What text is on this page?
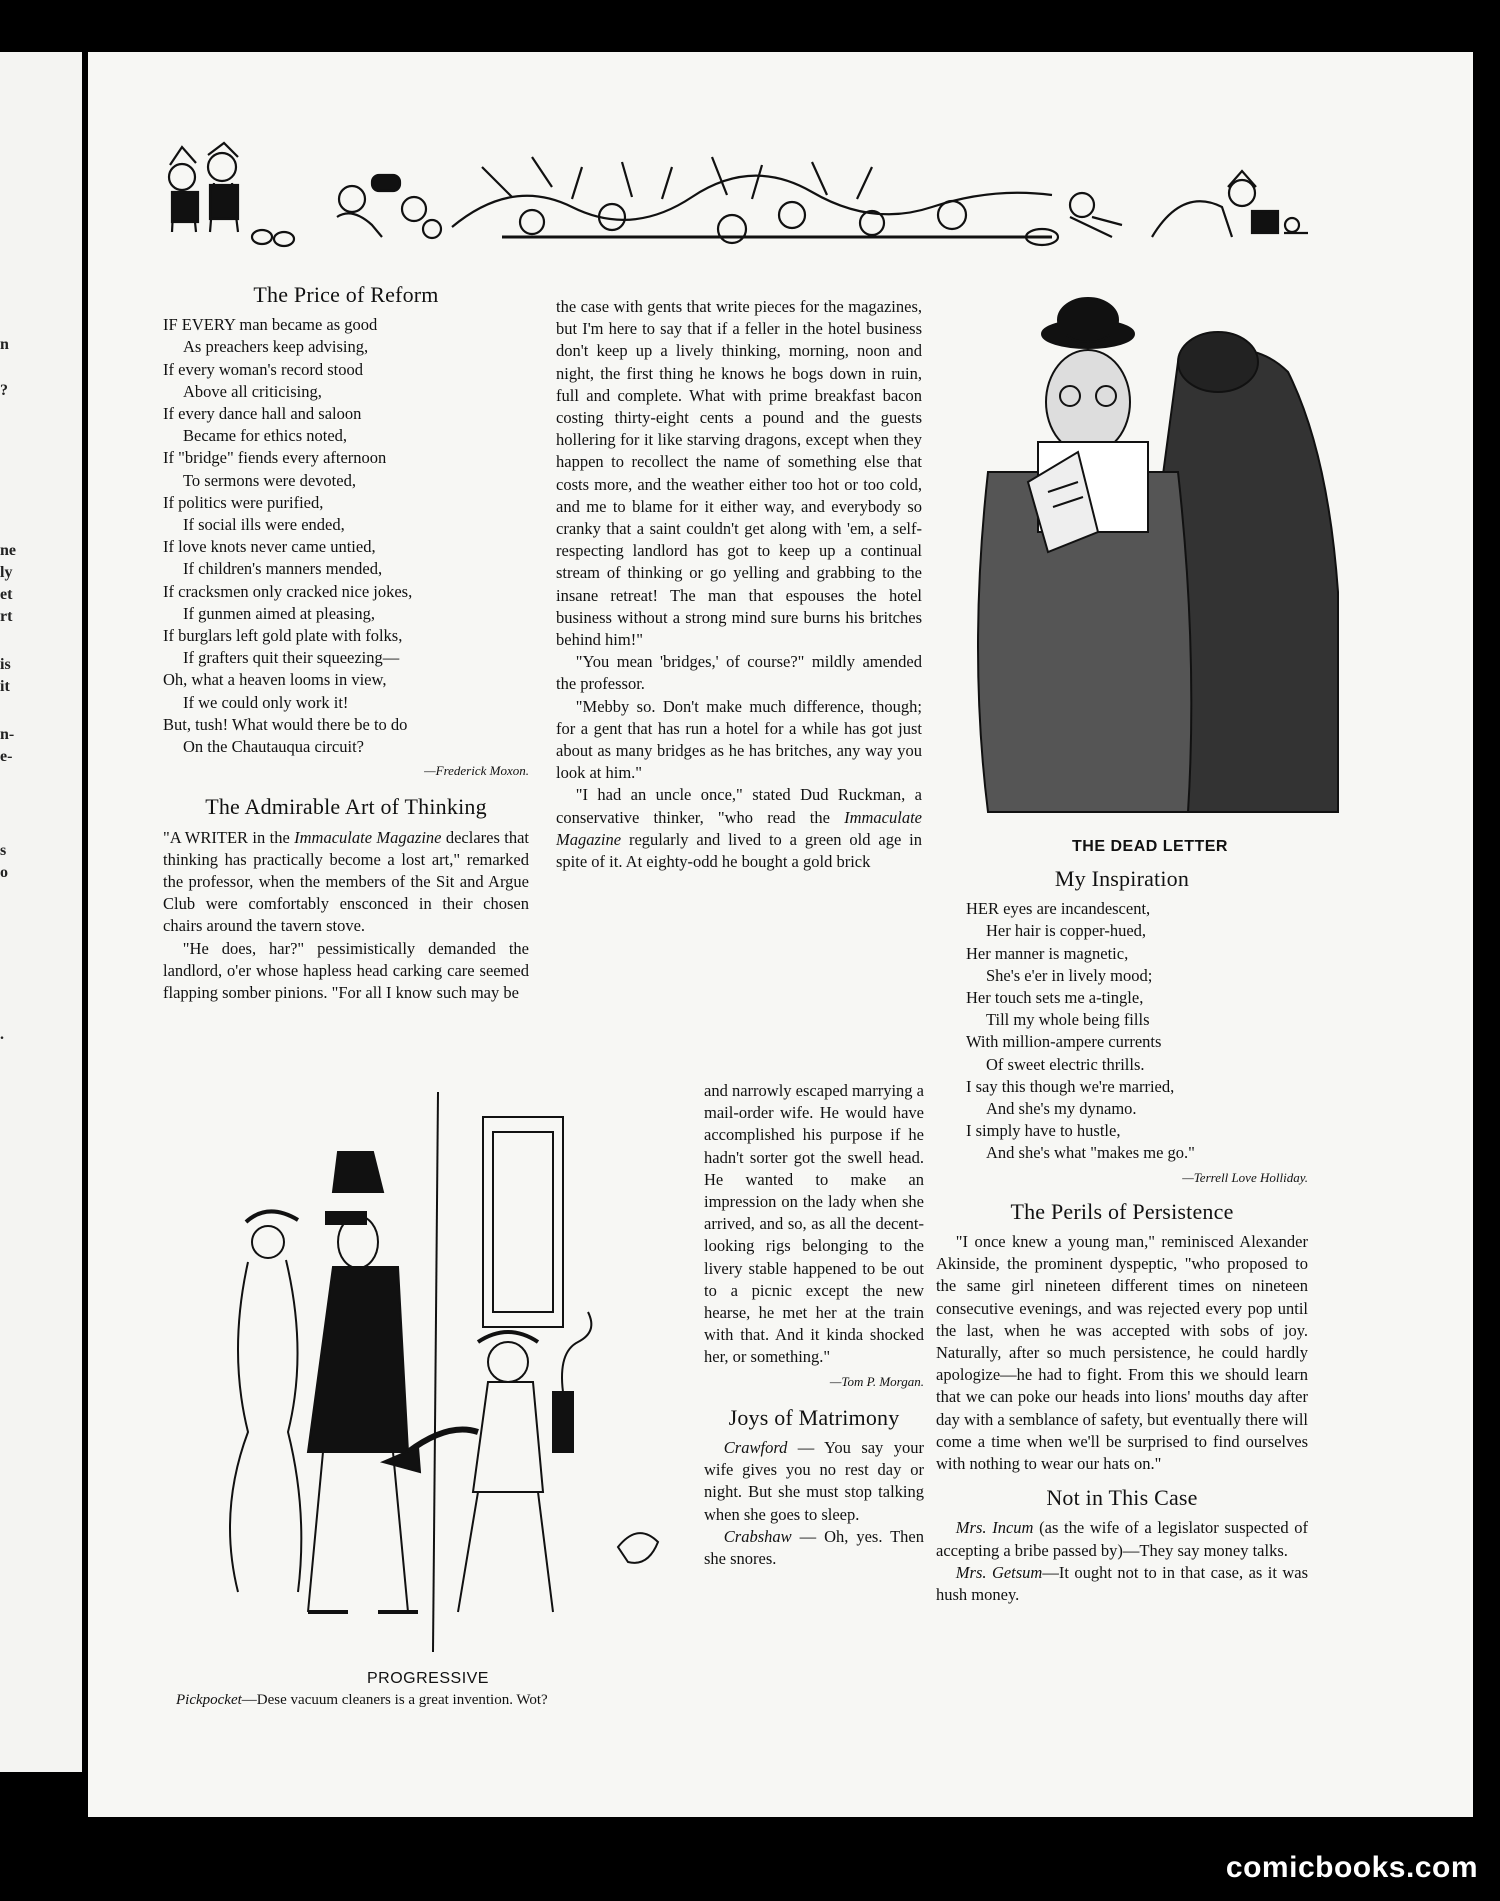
n
?
ne
ly
et
rt
is
it
n-
e-
s
o
.
The Price of Reform
IF EVERY man became as good
As preachers keep advising,
If every woman's record stood
Above all criticising,
If every dance hall and saloon
Became for ethics noted,
If "bridge" fiends every afternoon
To sermons were devoted,
If politics were purified,
If social ills were ended,
If love knots never came untied,
If children's manners mended,
If cracksmen only cracked nice jokes,
If gunmen aimed at pleasing,
If burglars left gold plate with folks,
If grafters quit their squeezing—
Oh, what a heaven looms in view,
If we could only work it!
But, tush! What would there be to do
On the Chautauqua circuit?
—Frederick Moxon.
The Admirable Art of Thinking

"A WRITER in the Immaculate Magazine declares that thinking has practically become a lost art," remarked the professor, when the members of the Sit and Argue Club were comfortably ensconced in their chosen chairs around the tavern stove.

"He does, har?" pessimistically demanded the landlord, o'er whose hapless head carking care seemed flapping somber pinions. "For all I know such may be

the case with gents that write pieces for the magazines, but I'm here to say that if a feller in the hotel business don't keep up a lively thinking, morning, noon and night, the first thing he knows he bogs down in ruin, full and complete. What with prime breakfast bacon costing thirty-eight cents a pound and the guests hollering for it like starving dragons, except when they happen to recollect the name of something else that costs more, and the weather either too hot or too cold, and me to blame for it either way, and everybody so cranky that a saint couldn't get along with 'em, a self-respecting landlord has got to keep up a continual stream of thinking or go yelling and grabbing to the insane retreat! The man that espouses the hotel business without a strong mind sure burns his britches behind him!"

"You mean 'bridges,' of course?" mildly amended the professor.

"Mebby so. Don't make much difference, though; for a gent that has run a hotel for a while has got just about as many bridges as he has britches, any way you look at him."

"I had an uncle once," stated Dud Ruckman, a conservative thinker, "who read the Immaculate Magazine regularly and lived to a green old age in spite of it. At eighty-odd he bought a gold brick

and narrowly escaped marrying a mail-order wife. He would have accomplished his purpose if he hadn't sorter got the swell head. He wanted to make an impression on the lady when she arrived, and so, as all the decent-looking rigs belonging to the livery stable happened to be out to a picnic except the new hearse, he met her at the train with that. And it kinda shocked her, or something."

—Tom P. Morgan.
Joys of Matrimony

Crawford — You say your wife gives you no rest day or night. But she must stop talking when she goes to sleep.

Crabshaw — Oh, yes. Then she snores.

PROGRESSIVE
Pickpocket—Dese vacuum cleaners is a great invention. Wot?
THE DEAD LETTER
My Inspiration
HER eyes are incandescent,
Her hair is copper-hued,
Her manner is magnetic,
She's e'er in lively mood;
Her touch sets me a-tingle,
Till my whole being fills
With million-ampere currents
Of sweet electric thrills.
I say this though we're married,
And she's my dynamo.
I simply have to hustle,
And she's what "makes me go."
—Terrell Love Holliday.
The Perils of Persistence

"I once knew a young man," reminisced Alexander Akinside, the prominent dyspeptic, "who proposed to the same girl nineteen different times on nineteen consecutive evenings, and was rejected every pop until the last, when he was accepted with sobs of joy. Naturally, after so much persistence, he could hardly apologize—he had to fight. From this we should learn that we can poke our heads into lions' mouths day after day with a semblance of safety, but eventually there will come a time when we'll be surprised to find ourselves with nothing to wear our hats on."

Not in This Case

Mrs. Incum (as the wife of a legislator suspected of accepting a bribe passed by)—They say money talks.

Mrs. Getsum—It ought not to in that case, as it was hush money.

comicbooks.com
